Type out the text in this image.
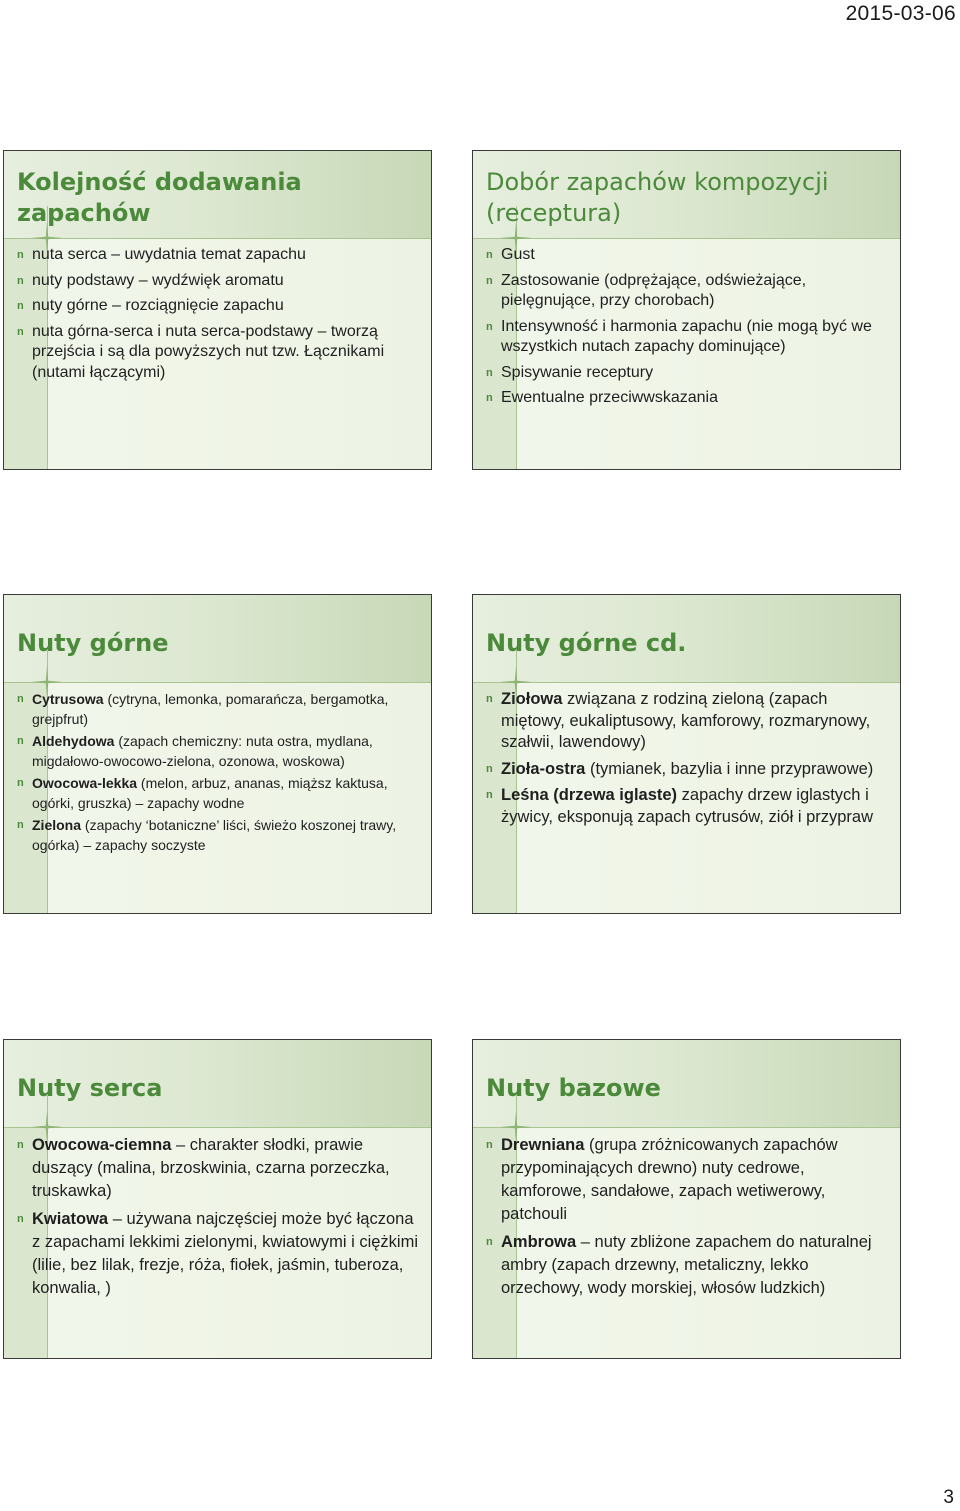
2015-03-06
Kolejność dodawania zapachów
n nuta serca – uwydatnia temat zapachu
n nuty podstawy – wydźwięk aromatu
n nuty górne – rozciągnięcie zapachu
n nuta górna-serca i nuta serca-podstawy – tworzą przejścia i są dla powyższych nut tzw. Łącznikami (nutami łączącymi)
Dobór zapachów kompozycji (receptura)
n Gust
n Zastosowanie (odprężające, odświeżające, pielęgnujące, przy chorobach)
n Intensywność i harmonia zapachu (nie mogą być we wszystkich nutach zapachy dominujące)
n Spisywanie receptury
n Ewentualne przeciwwskazania
Nuty górne
n Cytrusowa (cytryna, lemonka, pomarańcza, bergamotka, grejpfrut)
n Aldehydowa (zapach chemiczny: nuta ostra, mydlana, migdałowo-owocowo-zielona, ozonowa, woskowa)
n Owocowa-lekka (melon, arbuz, ananas, miąższ kaktusa, ogórki, gruszka) – zapachy wodne
n Zielona (zapachy ‘botaniczne’ liści, świeżo koszonej trawy, ogórka) – zapachy soczyste
Nuty górne cd.
n Ziołowa związana z rodziną zieloną (zapach miętowy, eukaliptusowy, kamforowy, rozmarynowy, szałwii, lawendowy)
n Zioła-ostra (tymianek, bazylia i inne przyprawowe)
n Leśna (drzewa iglaste) zapachy drzew iglastych i żywicy, eksponują zapach cytrusów, ziół i przypraw
Nuty serca
n Owocowa-ciemna – charakter słodki, prawie duszący (malina, brzoskwinia, czarna porzeczka, truskawka)
n Kwiatowa – używana najczęściej może być łączona z zapachami lekkimi zielonymi, kwiatowymi i ciężkimi (lilie, bez lilak, frezje, róża, fiołek, jaśmin, tuberoza, konwalia, )
Nuty bazowe
n Drewniana (grupa zróżnicowanych zapachów przypominających drewno) nuty cedrowe, kamforowe, sandałowe, zapach wetiwerowy, patchouli
n Ambrowa – nuty zbliżone zapachem do naturalnej ambry (zapach drzewny, metaliczny, lekko orzechowy, wody morskiej, włosów ludzkich)
3
